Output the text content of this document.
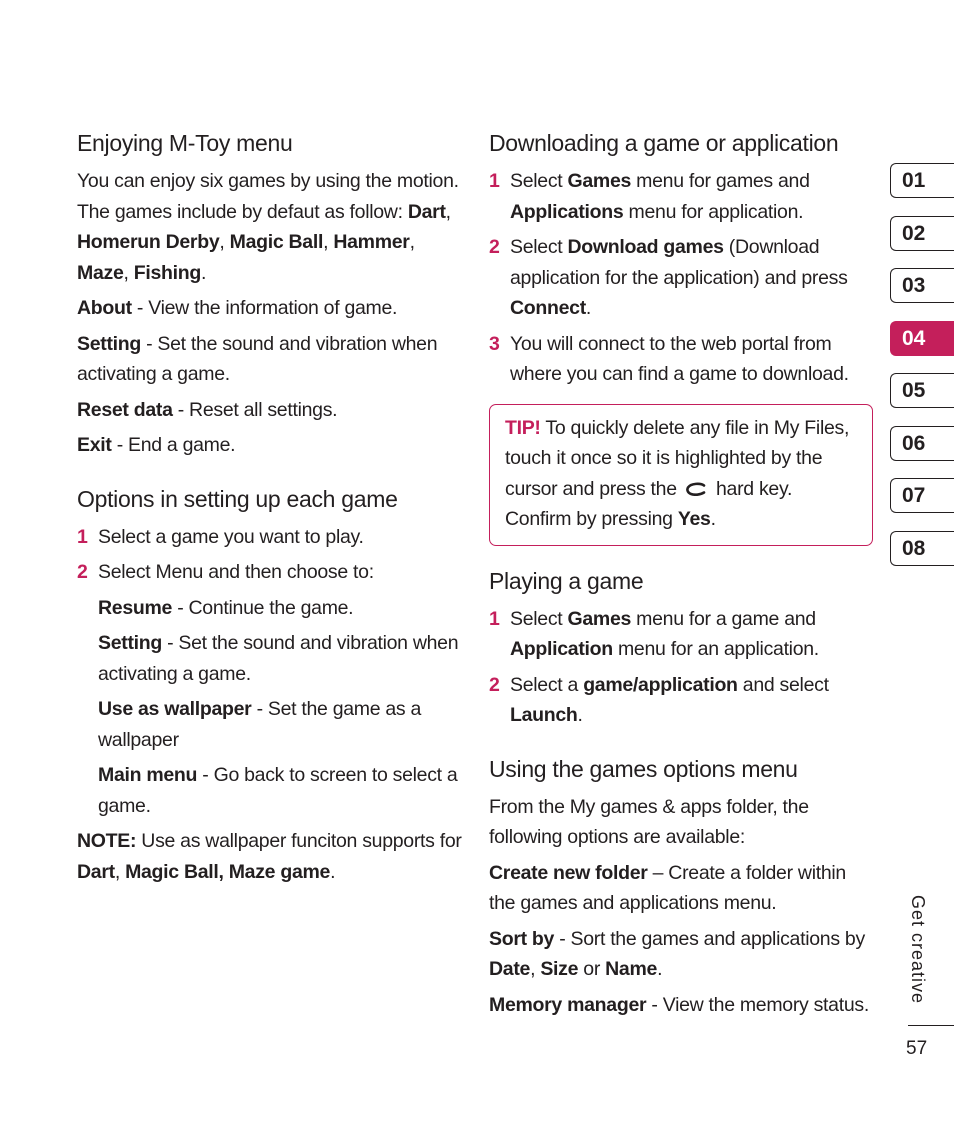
Enjoying M-Toy menu

You can enjoy six games by using the motion. The games include by defaut as follow: Dart, Homerun Derby, Magic Ball, Hammer, Maze, Fishing.

About - View the information of game.

Setting - Set the sound and vibration when activating a game.

Reset data - Reset all settings.

Exit - End a game.

Options in setting up each game
1 Select a game you want to play.
2 Select Menu and then choose to:

Resume - Continue the game.

Setting - Set the sound and vibration when activating a game.

Use as wallpaper - Set the game as a wallpaper

Main menu - Go back to screen to select a game.

NOTE: Use as wallpaper funciton supports for Dart, Magic Ball, Maze game.

Downloading a game or application
1 Select Games menu for games and Applications menu for application.
2 Select Download games (Download application for the application) and press Connect.
3 You will connect to the web portal from where you can find a game to download.
TIP! To quickly delete any file in My Files, touch it once so it is highlighted by the cursor and press the  hard key. Confirm by pressing Yes.
Playing a game
1 Select Games menu for a game and Application menu for an application.
2 Select a game/application and select Launch.
Using the games options menu

From the My games & apps folder, the following options are available:

Create new folder – Create a folder within the games and applications menu.

Sort by - Sort the games and applications by Date, Size or Name.

Memory manager - View the memory status.

01
02
03
04
05
06
07
08
Get creative
57
